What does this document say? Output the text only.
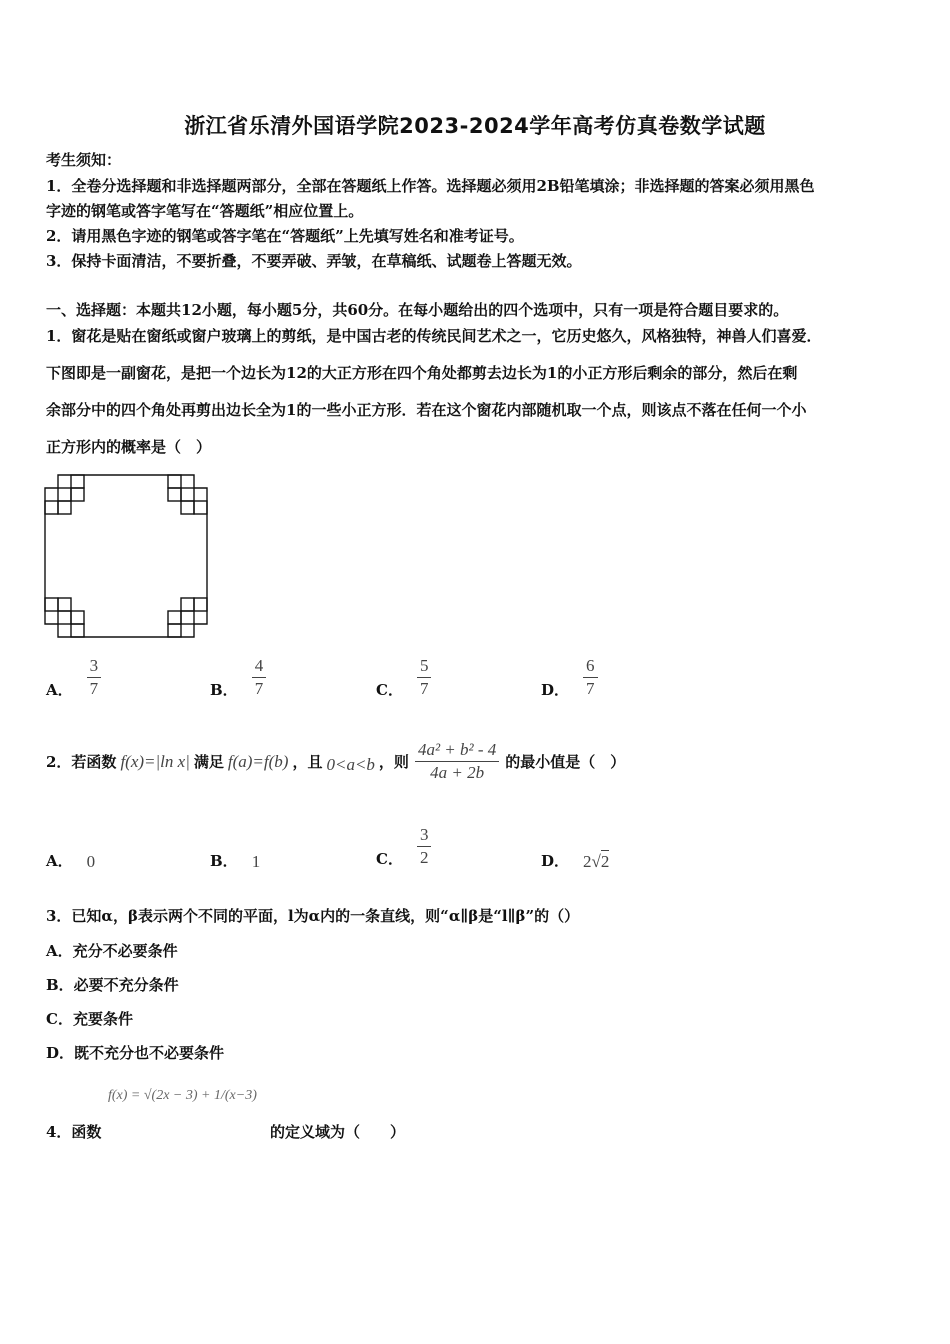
浙江省乐清外国语学院2023-2024学年高考仿真卷数学试题
考生须知：
1．全卷分选择题和非选择题两部分，全部在答题纸上作答。选择题必须用2B铅笔填涂；非选择题的答案必须用黑色
字迹的钢笔或答字笔写在“答题纸”相应位置上。
2．请用黑色字迹的钢笔或答字笔在“答题纸”上先填写姓名和准考证号。
3．保持卡面清洁，不要折叠，不要弄破、弄皱，在草稿纸、试题卷上答题无效。
一、选择题：本题共12小题，每小题5分，共60分。在每小题给出的四个选项中，只有一项是符合题目要求的。
1．窗花是贴在窗纸或窗户玻璃上的剪纸，是中国古老的传统民间艺术之一，它历史悠久，风格独特，神兽人们喜爱．
下图即是一副窗花，是把一个边长为12的大正方形在四个角处都剪去边长为1的小正方形后剩余的部分，然后在剩
余部分中的四个角处再剪出边长全为1的一些小正方形．若在这个窗花内部随机取一个点，则该点不落在任何一个小
正方形内的概率是（　）
A． $\frac{3}{7}$	B． $\frac{4}{7}$	C． $\frac{5}{7}$	D． $\frac{6}{7}$
2．若函数 f(x)=|ln x| 满足 f(a)=f(b) ，且 0<a<b ，则 $\frac{\text{4a² + b² - 4}}{4a + 2b}$ 的最小值是（　）
A． 0	B． 1	C． $\frac{3}{2}$	D． 2√2
3．已知α，β表示两个不同的平面，l为α内的一条直线，则“α∥β是“l∥β”的（）
A．充分不必要条件
B．必要不充分条件
C．充要条件
D．既不充分也不必要条件
f(x) = √(2x − 3) + 1/(x−3)
4．函数	的定义域为（　　）
